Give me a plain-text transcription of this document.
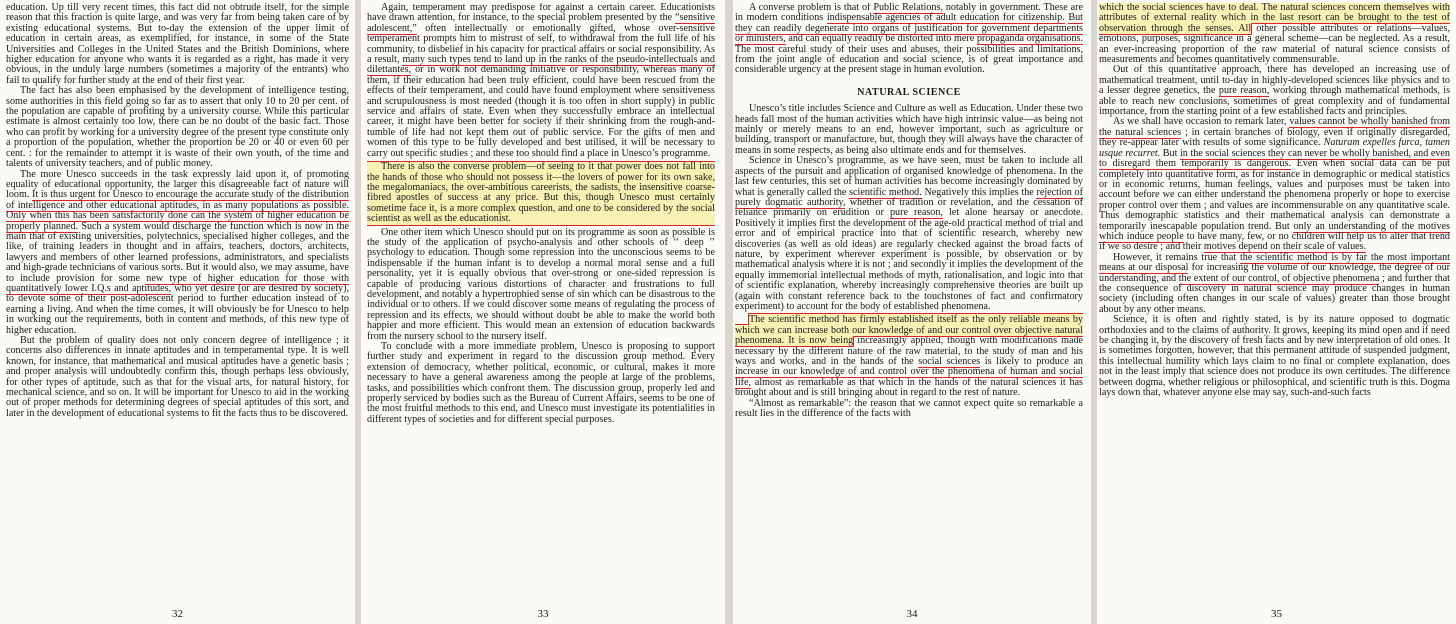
education. Up till very recent times, this fact did not obtrude itself, for the simple reason that this fraction is quite large, and was very far from being taken care of by existing educational systems. But to-day the extension of the upper limit of education in certain areas, as exemplified, for instance, in some of the State Universities and Colleges in the United States and the British Dominions, where higher education for anyone who wants it is regarded as a right, has made it very obvious, in the unduly large numbers (sometimes a majority of the entrants) who fail to qualify for further study at the end of their first year.

The fact has also been emphasised by the development of intelligence testing, some authorities in this field going so far as to assert that only 10 to 20 per cent. of the population are capable of profiting by a university course. While this particular estimate is almost certainly too low, there can be no doubt of the basic fact. Those who can profit by working for a university degree of the present type constitute only a proportion of the population, whether the proportion be 20 or 40 or even 60 per cent. : for the remainder to attempt it is waste of their own youth, of the time and talents of university teachers, and of public money.

The more Unesco succeeds in the task expressly laid upon it, of promoting equality of educational opportunity, the larger this disagreeable fact of nature will loom. It is thus urgent for Unesco to encourage the accurate study of the distribution of intelligence and other educational aptitudes, in as many populations as possible. Only when this has been satisfactorily done can the system of higher education be properly planned. Such a system would discharge the function which is now in the main that of existing universities, polytechnics, specialised higher colleges, and the like, of training leaders in thought and in affairs, teachers, doctors, architects, lawyers and members of other learned professions, administrators, and specialists and high-grade technicians of various sorts. But it would also, we may assume, have to include provision for some new type of higher education for those with quantitatively lower I.Q.s and aptitudes, who yet desire (or are desired by society), to devote some of their post-adolescent period to further education instead of to earning a living. And when the time comes, it will obviously be for Unesco to help in working out the requirements, both in content and methods, of this new type of higher education.

But the problem of quality does not only concern degree of intelligence ; it concerns also differences in innate aptitudes and in temperamental type. It is well known, for instance, that mathematical and musical aptitudes have a genetic basis ; and proper analysis will undoubtedly confirm this, though perhaps less obviously, for other types of aptitude, such as that for the visual arts, for natural history, for mechanical science, and so on. It will be important for Unesco to aid in the working out of proper methods for determining degrees of special aptitudes of this sort, and later in the development of educational systems to fit the facts thus to be discovered.

32

Again, temperament may predispose for against a certain career. Educationists have drawn attention, for instance, to the special problem presented by the “sensitive adolescent,” often intellectually or emotionally gifted, whose over-sensitive temperament prompts him to mistrust of self, to withdrawal from the full life of his community, to disbelief in his capacity for practical affairs or social responsibility. As a result, many such types tend to land up in the ranks of the pseudo-intellectuals and dilettantes, or in work not demanding initiative or responsibility, whereas many of them, if their education had been truly efficient, could have been rescued from the effects of their temperament, and could have found employment where sensitiveness and scrupulousness is most needed (though it is too often in short supply) in public service and affairs of state. Even when they successfully embrace an intellectual career, it might have been better for society if their shrinking from the rough-and-tumble of life had not kept them out of public service. For the gifts of men and women of this type to be fully developed and best utilised, it will be necessary to carry out specific studies ; and these too should find a place in Unesco’s programme.

There is also the converse problem—of seeing to it that power does not fall into the hands of those who should not possess it—the lovers of power for its own sake, the megalomaniacs, the over-ambitious careerists, the sadists, the insensitive coarse-fibred apostles of success at any price. But this, though Unesco must certainly sometime face it, is a more complex question, and one to be considered by the social scientist as well as the educationist.

One other item which Unesco should put on its programme as soon as possible is the study of the application of psycho-analysis and other schools of ‘‘ deep ’’ psychology to education. Though some repression into the unconscious seems to be indispensable if the human infant is to develop a normal moral sense and a full personality, yet it is equally obvious that over-strong or one-sided repression is capable of producing various distortions of character and frustrations to full development, and notably a hypertrophied sense of sin which can be disastrous to the individual or to others. If we could discover some means of regulating the process of repression and its effects, we should without doubt be able to make the world both happier and more efficient. This would mean an extension of education backwards from the nursery school to the nursery itself.

To conclude with a more immediate problem, Unesco is proposing to support further study and experiment in regard to the discussion group method. Every extension of democracy, whether political, economic, or cultural, makes it more necessary to have a general awareness among the people at large of the problems, tasks, and possibilities which confront them. The discussion group, properly led and properly serviced by bodies such as the Bureau of Current Affairs, seems to be one of the most fruitful methods to this end, and Unesco must investigate its potentialities in different types of societies and for different special purposes.

33

A converse problem is that of Public Relations, notably in government. These are in modern conditions indispensable agencies of adult education for citizenship. But they can readily degenerate into organs of justification for government departments or ministers, and can equally readily be distorted into mere propaganda organisations. The most careful study of their uses and abuses, their possibilities and limitations, from the joint angle of education and social science, is of great importance and considerable urgency at the present stage in human evolution.

NATURAL SCIENCE

Unesco’s title includes Science and Culture as well as Education. Under these two heads fall most of the human activities which have high intrinsic value—as being not mainly or merely means to an end, however important, such as agriculture or building, transport or manufacture, but, though they will always have the character of means in some respects, as being also ultimate ends and for themselves.

Science in Unesco’s programme, as we have seen, must be taken to include all aspects of the pursuit and application of organised knowledge of phenomena. In the last few centuries, this set of human activities has become increasingly dominated by what is generally called the scientific method. Negatively this implies the rejection of purely dogmatic authority, whether of tradition or revelation, and the cessation of reliance primarily on erudition or pure reason, let alone hearsay or anecdote. Positively it implies first the development of the age-old practical method of trial and error and of empirical practice into that of scientific research, whereby new discoveries (as well as old ideas) are regularly checked against the broad facts of nature, by experiment wherever experiment is possible, by observation or by mathematical analysis where it is not ; and secondly it implies the development of the equally immemorial intellectual methods of myth, rationalisation, and logic into that of scientific explanation, whereby increasingly comprehensive theories are built up (again with constant reference back to the touchstones of fact and confirmatory experiment) to account for the body of established phenomena.

The scientific method has firmly established itself as the only reliable means by which we can increase both our knowledge of and our control over objective natural phenomena. It is now being increasingly applied, though with modifications made necessary by the different nature of the raw material, to the study of man and his ways and works, and in the hands of the social sciences is likely to produce an increase in our knowledge of and control over the phenomena of human and social life, almost as remarkable as that which in the hands of the natural sciences it has brought about and is still bringing about in regard to the rest of nature.

“Almost as remarkable”: the reason that we cannot expect quite so remarkable a result lies in the difference of the facts with

34

which the social sciences have to deal. The natural sciences concern themselves with attributes of external reality which in the last resort can be brought to the test of observation through the senses. All other possible attributes or relations—values, emotions, purposes, significance in a general scheme—can be neglected. As a result, an ever-increasing proportion of the raw material of natural science consists of measurements and becomes quantitatively commensurable.

Out of this quantitative approach, there has developed an increasing use of mathematical treatment, until to-day in highly-developed sciences like physics and to a lesser degree genetics, the pure reason, working through mathematical methods, is able to reach new conclusions, sometimes of great complexity and of fundamental importance, from the starting point of a few established facts and principles.

As we shall have occasion to remark later, values cannot be wholly banished from the natural sciences ; in certain branches of biology, even if originally disregarded, they re-appear later with results of some significance. Naturam expelles furca, tamen usque recurret. But in the social sciences they can never be wholly banished, and even to disregard them temporarily is dangerous. Even when social data can be put completely into quantitative form, as for instance in demographic or medical statistics or in economic returns, human feelings, values and purposes must be taken into account before we can either understand the phenomena properly or hope to exercise proper control over them ; and values are incommensurable on any quantitative scale. Thus demographic statistics and their mathematical analysis can demonstrate a temporarily inescapable population trend. But only an understanding of the motives which induce people to have many, few, or no children will help us to alter that trend if we so desire ; and their motives depend on their scale of values.

However, it remains true that the scientific method is by far the most important means at our disposal for increasing the volume of our knowledge, the degree of our understanding, and the extent of our control, of objective phenomena ; and further that the consequence of discovery in natural science may produce changes in human society (including often changes in our scale of values) greater than those brought about by any other means.

Science, it is often and rightly stated, is by its nature opposed to dogmatic orthodoxies and to the claims of authority. It grows, keeping its mind open and if need be changing it, by the discovery of fresh facts and by new interpretation of old ones. It is sometimes forgotten, however, that this permanent attitude of suspended judgment, this intellectual humility which lays claim to no final or complete explanation, does not in the least imply that science does not produce its own certitudes. The difference between dogma, whether religious or philosophical, and scientific truth is this. Dogma lays down that, whatever anyone else may say, such-and-such facts

35
